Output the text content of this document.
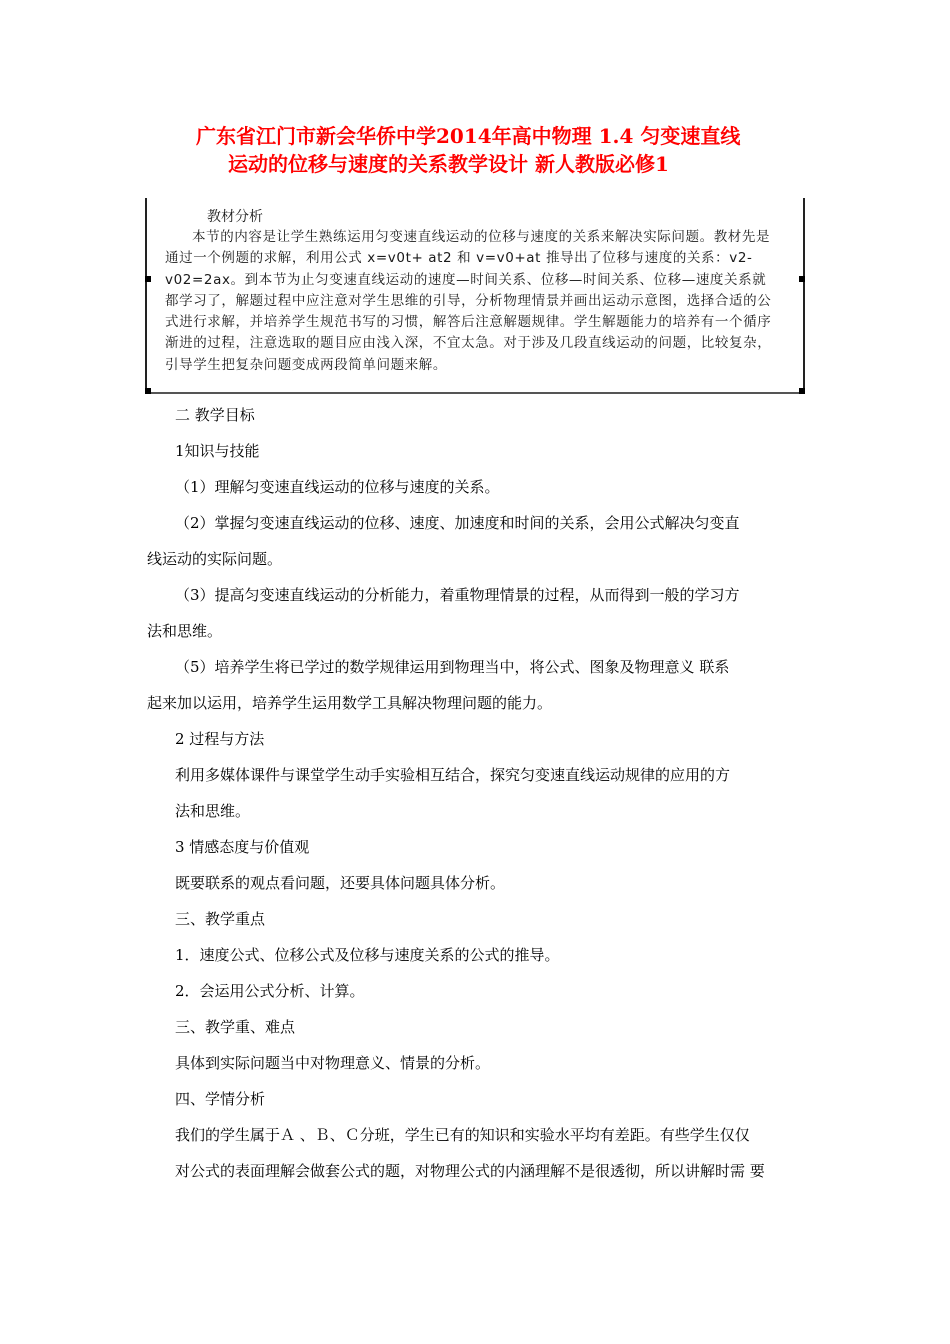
广东省江门市新会华侨中学2014年高中物理 1.4 匀变速直线
运动的位移与速度的关系教学设计 新人教版必修1
教材分析
本节的内容是让学生熟练运用匀变速直线运动的位移与速度的关系来解决实际问题。教材先是通过一个例题的求解，利用公式 x=v0t+ at2 和 v=v0+at 推导出了位移与速度的关系：v2-v02=2ax。到本节为止匀变速直线运动的速度—时间关系、位移—时间关系、位移—速度关系就都学习了，解题过程中应注意对学生思维的引导，分析物理情景并画出运动示意图，选择合适的公式进行求解，并培养学生规范书写的习惯，解答后注意解题规律。学生解题能力的培养有一个循序渐进的过程，注意选取的题目应由浅入深，不宜太急。对于涉及几段直线运动的问题，比较复杂，引导学生把复杂问题变成两段简单问题来解。

二 教学目标

1知识与技能

（1）理解匀变速直线运动的位移与速度的关系。

（2）掌握匀变速直线运动的位移、速度、加速度和时间的关系，会用公式解决匀变直

线运动的实际问题。

（3）提高匀变速直线运动的分析能力，着重物理情景的过程，从而得到一般的学习方

法和思维。

（5）培养学生将已学过的数学规律运用到物理当中，将公式、图象及物理意义 联系

起来加以运用，培养学生运用数学工具解决物理问题的能力。

2 过程与方法

利用多媒体课件与课堂学生动手实验相互结合，探究匀变速直线运动规律的应用的方

法和思维。

3 情感态度与价值观

既要联系的观点看问题，还要具体问题具体分析。

三、教学重点

1．速度公式、位移公式及位移与速度关系的公式的推导。

2．会运用公式分析、计算。

三、教学重、难点

具体到实际问题当中对物理意义、情景的分析。

四、学情分析

我们的学生属于Ａ 、Ｂ、Ｃ分班，学生已有的知识和实验水平均有差距。有些学生仅仅

对公式的表面理解会做套公式的题，对物理公式的内涵理解不是很透彻，所以讲解时需 要
